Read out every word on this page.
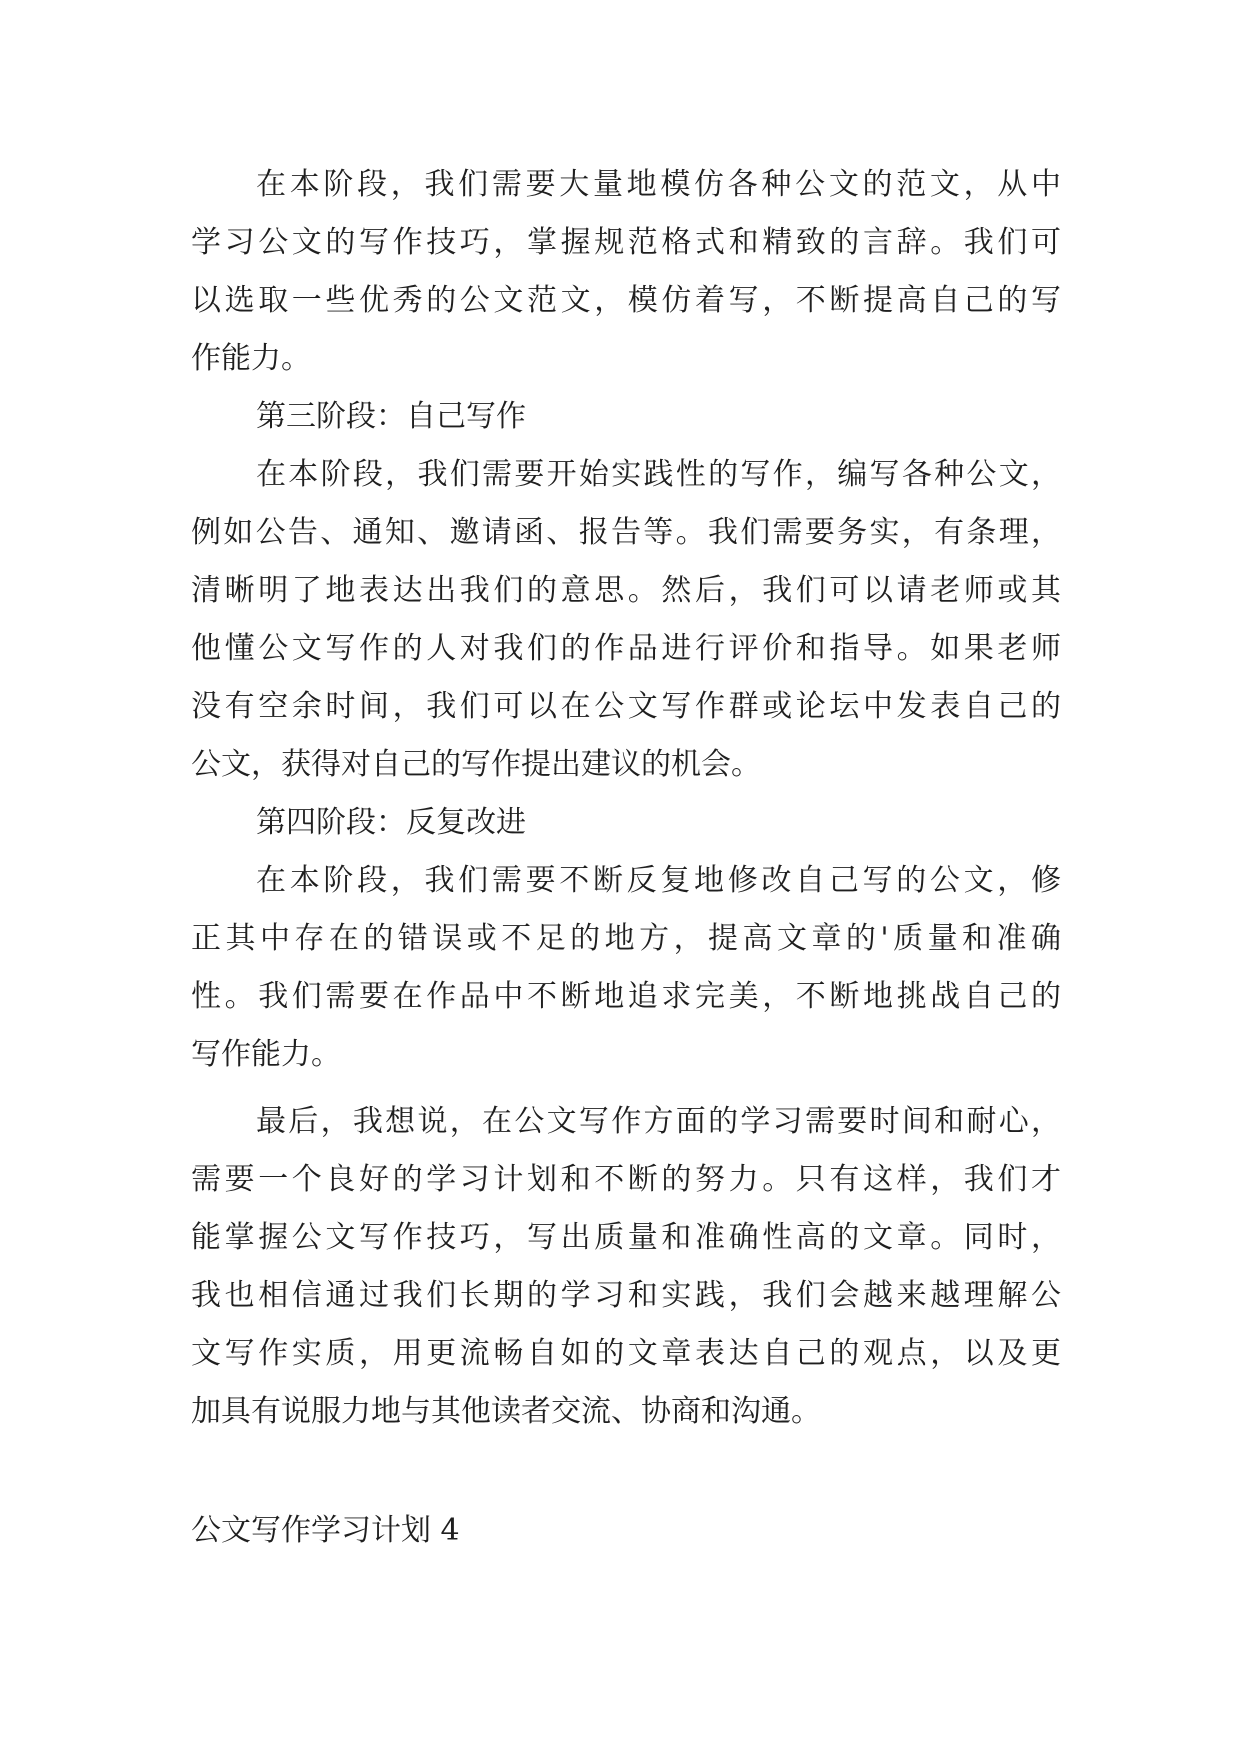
在本阶段，我们需要大量地模仿各种公文的范文，从中
学习公文的写作技巧，掌握规范格式和精致的言辞。我们可
以选取一些优秀的公文范文，模仿着写，不断提高自己的写
作能力。
第三阶段：自己写作
在本阶段，我们需要开始实践性的写作，编写各种公文，
例如公告、通知、邀请函、报告等。我们需要务实，有条理，
清晰明了地表达出我们的意思。然后，我们可以请老师或其
他懂公文写作的人对我们的作品进行评价和指导。如果老师
没有空余时间，我们可以在公文写作群或论坛中发表自己的
公文，获得对自己的写作提出建议的机会。
第四阶段：反复改进
在本阶段，我们需要不断反复地修改自己写的公文，修
正其中存在的错误或不足的地方，提高文章的'质量和准确
性。我们需要在作品中不断地追求完美，不断地挑战自己的
写作能力。
最后，我想说，在公文写作方面的学习需要时间和耐心，
需要一个良好的学习计划和不断的努力。只有这样，我们才
能掌握公文写作技巧，写出质量和准确性高的文章。同时，
我也相信通过我们长期的学习和实践，我们会越来越理解公
文写作实质，用更流畅自如的文章表达自己的观点，以及更
加具有说服力地与其他读者交流、协商和沟通。
公文写作学习计划 4
